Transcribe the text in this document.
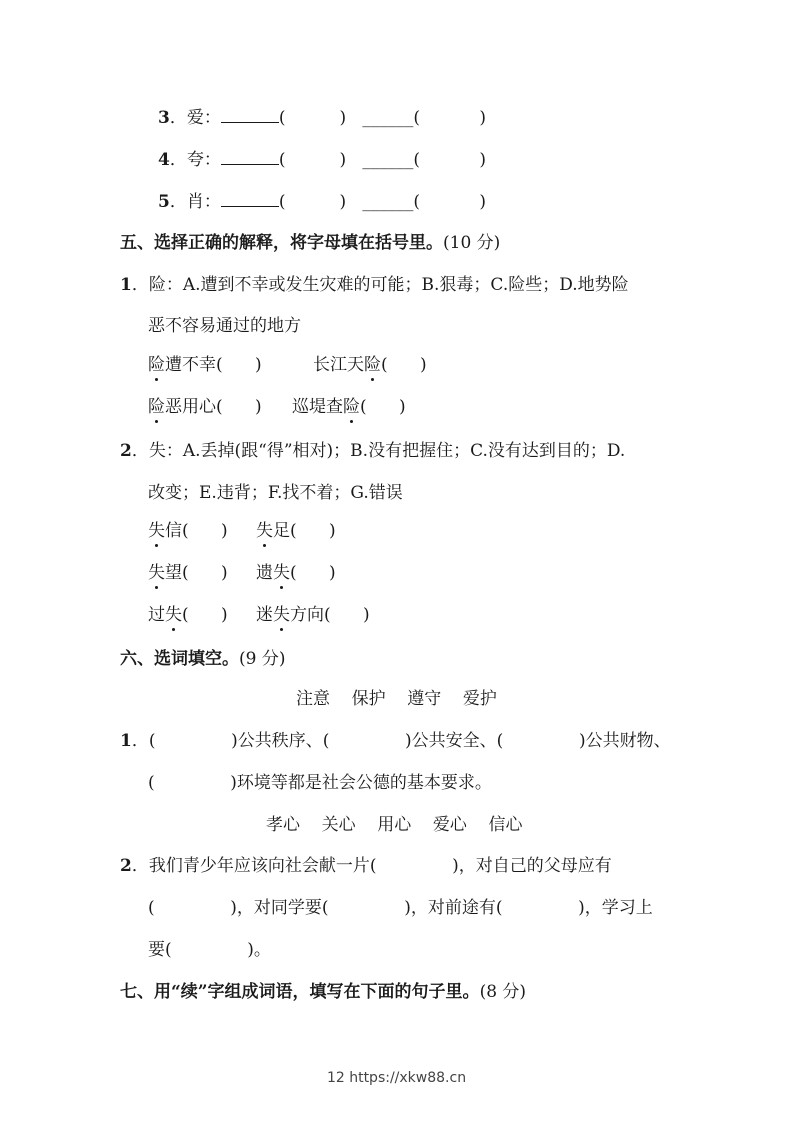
3．爱：	(          )   ______(           )
4．夸：	(          )   ______(           )
5．肖：	(          )   ______(           )
五、选择正确的解释，将字母填在括号里。(10 分)
1．险：A.遭到不幸或发生灾难的可能；B.狠毒；C.险些；D.地势险
恶不容易通过的地方
险遭不幸(      )	长江天险(      )
险恶用心(      ) 巡堤查险(      )
2．失：A.丢掉(跟“得”相对)；B.没有把握住；C.没有达到目的；D.
改变；E.违背；F.找不着；G.错误
失信(      ) 失足(      )
失望(      ) 遗失(      )
过失(      ) 迷失方向(      )
六、选词填空。(9 分)
注意    保护    遵守    爱护
1．(              )公共秩序、(              )公共安全、(              )公共财物、
(              )环境等都是社会公德的基本要求。
孝心    关心    用心    爱心    信心
2．我们青少年应该向社会献一片(              )，对自己的父母应有
(              )，对同学要(              )，对前途有(              )，学习上
要(              )。
七、用“续”字组成词语，填写在下面的句子里。(8 分)
12 https://xkw88.cn
